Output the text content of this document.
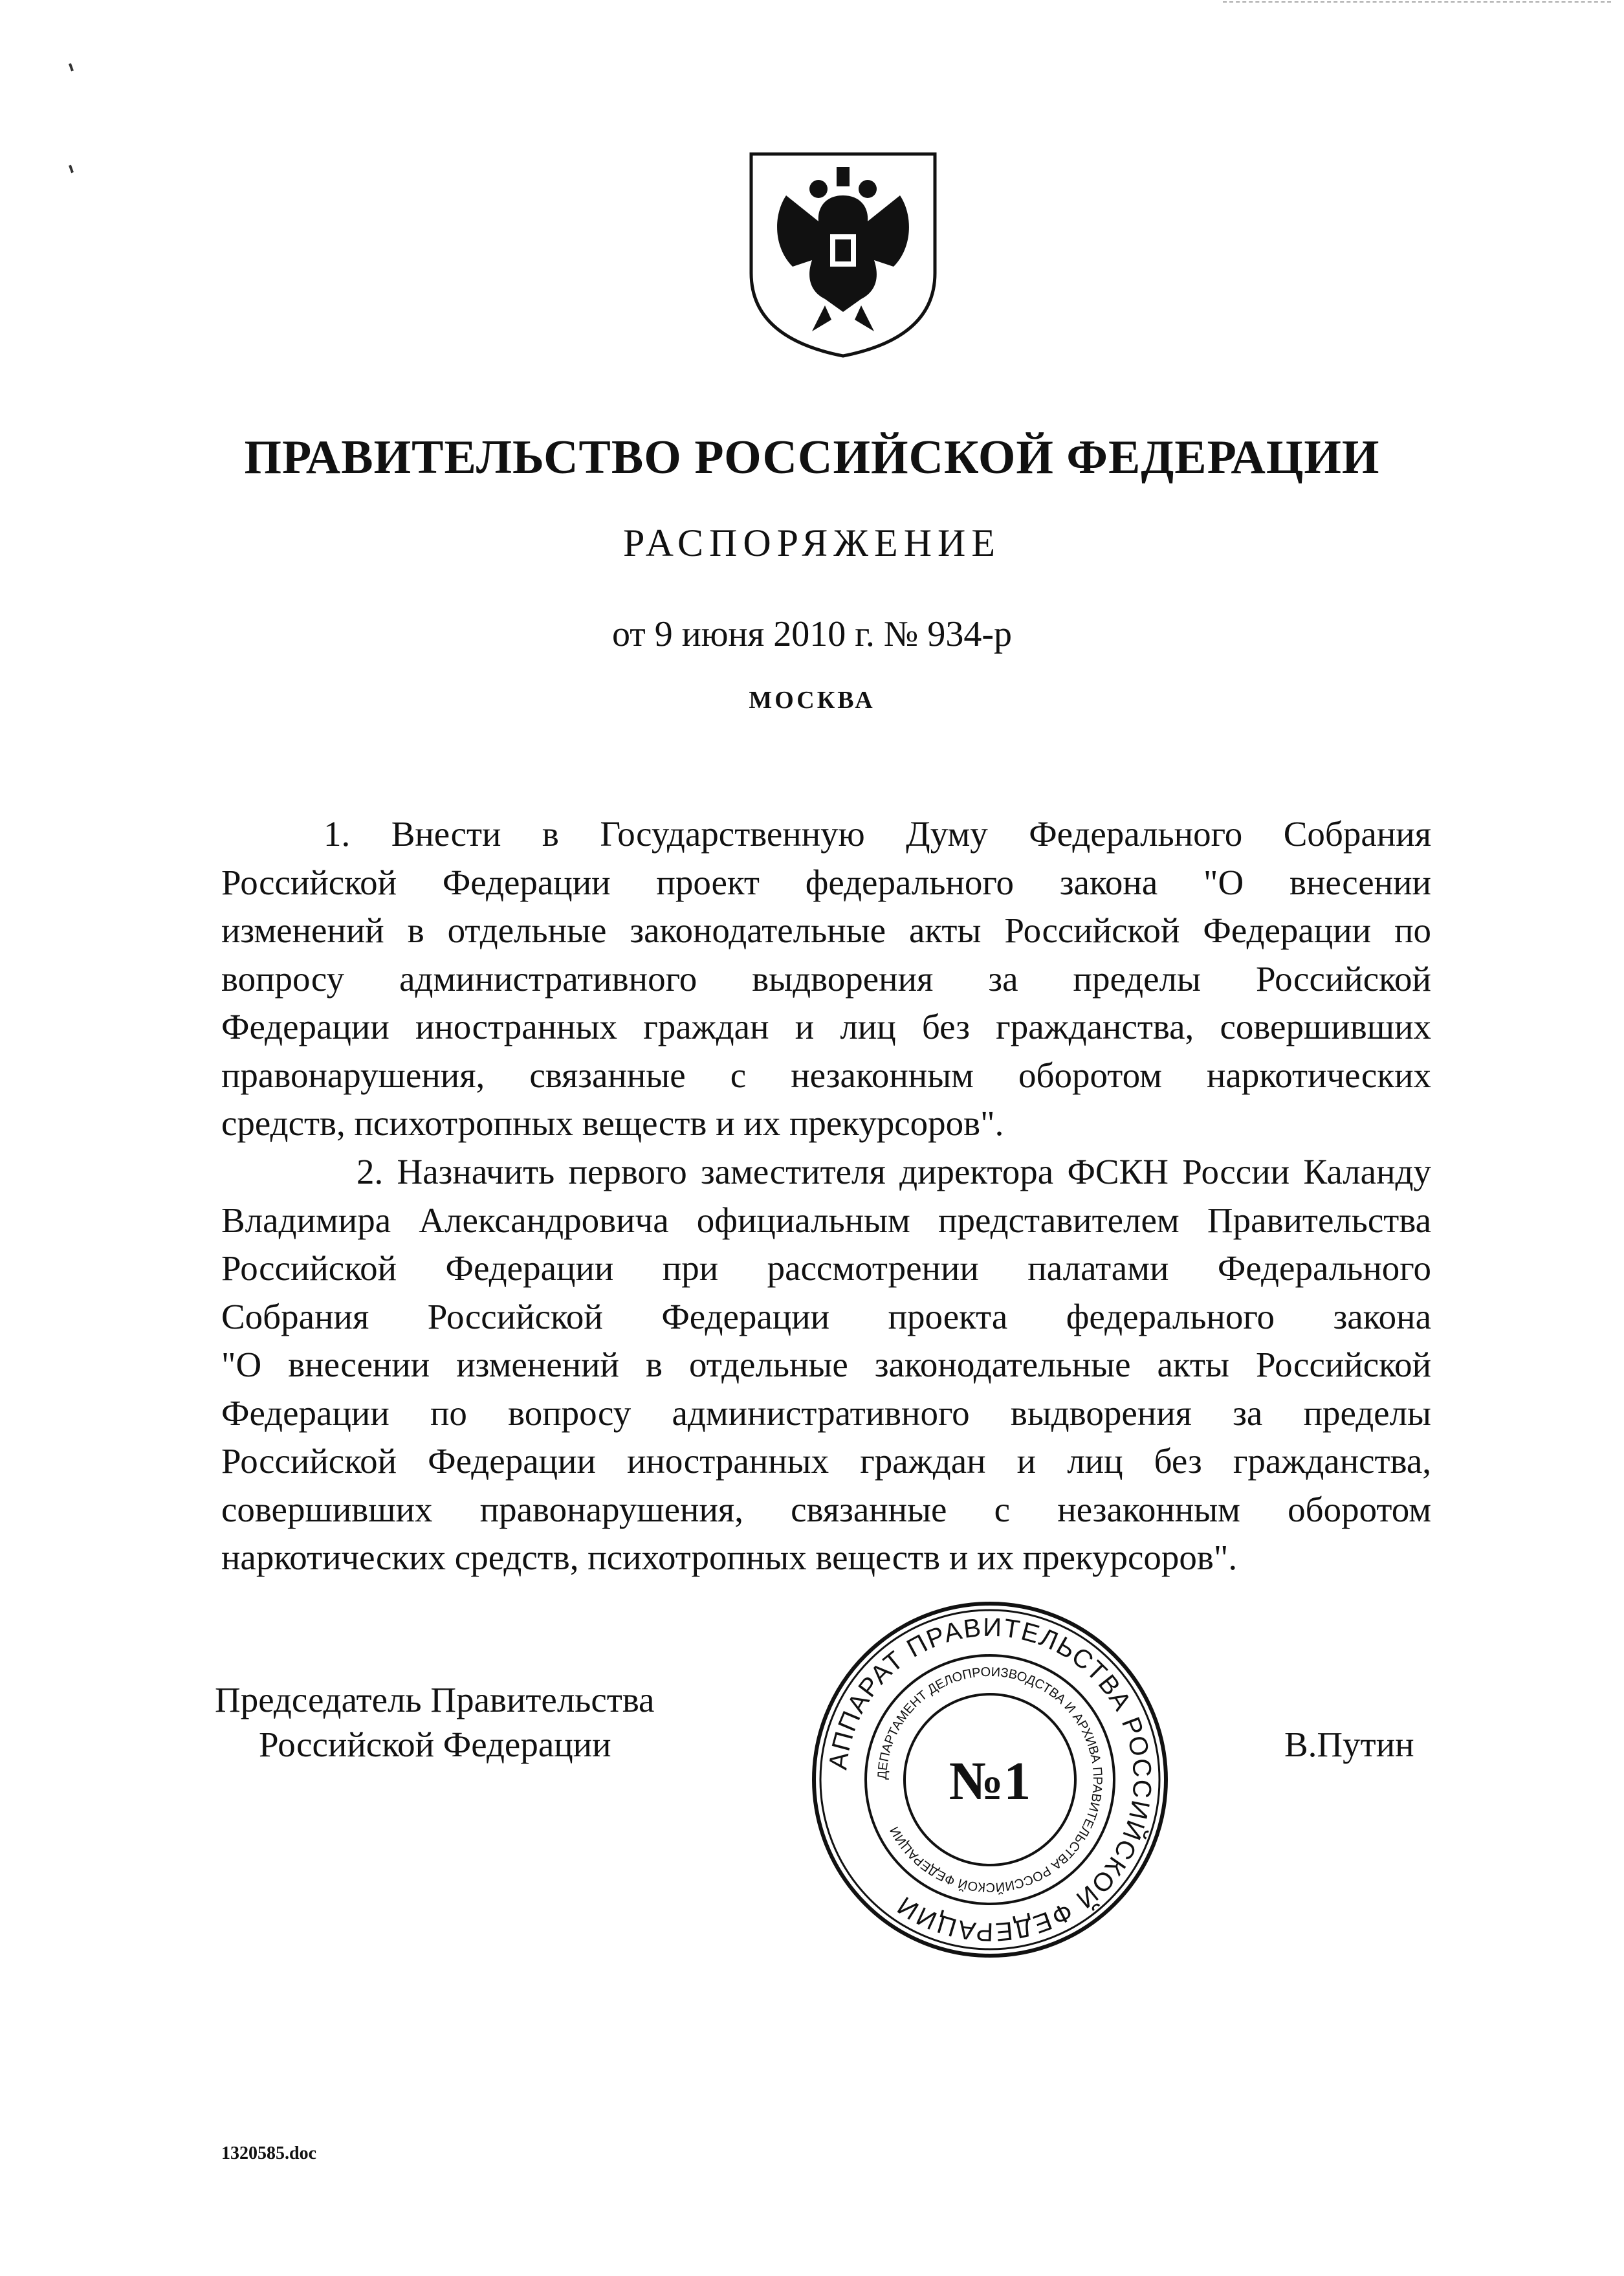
ПРАВИТЕЛЬСТВО РОССИЙСКОЙ ФЕДЕРАЦИИ
РАСПОРЯЖЕНИЕ
от 9 июня 2010 г. № 934-р
МОСКВА
1. Внести в Государственную Думу Федерального Собрания
Российской Федерации проект федерального закона "О внесении
изменений в отдельные законодательные акты Российской Федерации по
вопросу административного выдворения за пределы Российской
Федерации иностранных граждан и лиц без гражданства, совершивших
правонарушения, связанные с незаконным оборотом наркотических
средств, психотропных веществ и их прекурсоров".
2. Назначить первого заместителя директора ФСКН России Каланду
Владимира Александровича официальным представителем Правительства
Российской Федерации при рассмотрении палатами Федерального
Собрания Российской Федерации проекта федерального закона
"О внесении изменений в отдельные законодательные акты Российской
Федерации по вопросу административного выдворения за пределы
Российской Федерации иностранных граждан и лиц без гражданства,
совершивших правонарушения, связанные с незаконным оборотом
наркотических средств, психотропных веществ и их прекурсоров".
Председатель Правительства
Российской Федерации	В.Путин
АППАРАТ ПРАВИТЕЛЬСТВА РОССИЙСКОЙ ФЕДЕРАЦИИ
ДЕПАРТАМЕНТ ДЕЛОПРОИЗВОДСТВА И АРХИВА ПРАВИТЕЛЬСТВА РОССИЙСКОЙ ФЕДЕРАЦИИ
№1
1320585.doc
